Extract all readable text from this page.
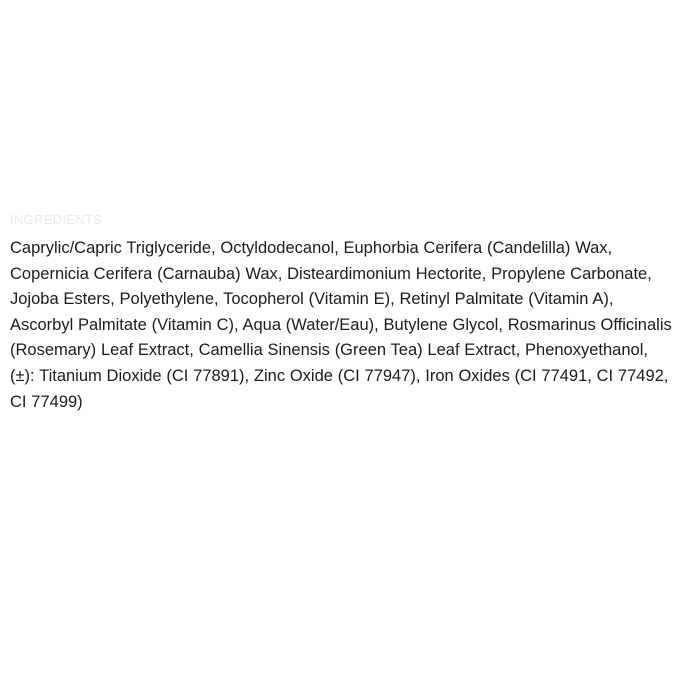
INGREDIENTS

Caprylic/Capric Triglyceride, Octyldodecanol, Euphorbia Cerifera (Candelilla) Wax, Copernicia Cerifera (Carnauba) Wax, Disteardimonium Hectorite, Propylene Carbonate, Jojoba Esters, Polyethylene, Tocopherol (Vitamin E), Retinyl Palmitate (Vitamin A), Ascorbyl Palmitate (Vitamin C), Aqua (Water/Eau), Butylene Glycol, Rosmarinus Officinalis (Rosemary) Leaf Extract, Camellia Sinensis (Green Tea) Leaf Extract, Phenoxyethanol, (±): Titanium Dioxide (CI 77891), Zinc Oxide (CI 77947), Iron Oxides (CI 77491, CI 77492, CI 77499)
